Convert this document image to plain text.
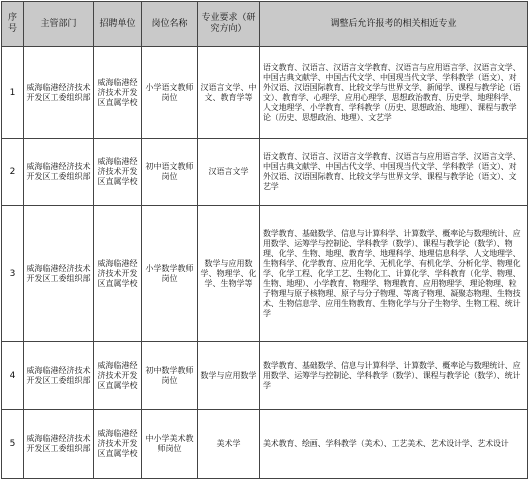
序号	主管部门	招聘单位	岗位名称	专业要求（研究方向）	调整后允许报考的相关相近专业
1	威海临港经济技术开发区工委组织部	威海临港经济技术开发区直属学校	小学语文教师岗位	汉语言文学、中文、教育学等	语文教育、汉语言、汉语言文学教育、汉语言与应用语言学、汉语言文学、中国古典文献学、中国古代文学、中国现当代文学、学科教学（语文）、对外汉语、汉语国际教育、比较文学与世界文学、新闻学、课程与教学论（语文）、教育学、心理学、应用心理学、思想政治教育、历史学、地理科学、人文地理学、小学教育、学科教学（历史、思想政治、地理）、课程与教学论（历史、思想政治、地理）、文艺学
2	威海临港经济技术开发区工委组织部	威海临港经济技术开发区直属学校	初中语文教师岗位	汉语言文学	语文教育、汉语言、汉语言文学教育、汉语言与应用语言学、汉语言文学、中国古典文献学、中国古代文学、中国现当代文学、学科教学（语文）、对外汉语、汉语国际教育、比较文学与世界文学、课程与教学论（语文）、文艺学
3	威海临港经济技术开发区工委组织部	威海临港经济技术开发区直属学校	小学数学教师岗位	数学与应用数学、物理学、化学、生物学等	数学教育、基础数学、信息与计算科学、计算数学、概率论与数理统计、应用数学、运筹学与控制论、学科教学（数学）、课程与教学论（数学）、物理、化学、生物、地理、教育学、地理科学、地理信息科学、人文地理学、生物科学、化学教育、应用化学、无机化学、有机化学、分析化学、物理化学、化学工程、化学工艺、生物化工、计算化学、学科教育（化学、物理、生物、地理）、小学教育、物理学、物理教育、应用物理学、理论物理、粒子物理与原子核物理、原子与分子物理、等离子物理、凝聚态物理、生物技术、生物信息学、应用生物教育、生物化学与分子生物学、生物工程、统计学
4	威海临港经济技术开发区工委组织部	威海临港经济技术开发区直属学校	初中数学教师岗位	数学与应用数学	数学教育、基础数学、信息与计算科学、计算数学、概率论与数理统计、应用数学、运筹学与控制论、学科教学（数学）、课程与教学论（数学）、统计学
5	威海临港经济技术开发区工委组织部	威海临港经济技术开发区直属学校	中小学美术教师岗位	美术学	美术教育、绘画、学科教学（美术）、工艺美术、艺术设计学、艺术设计
